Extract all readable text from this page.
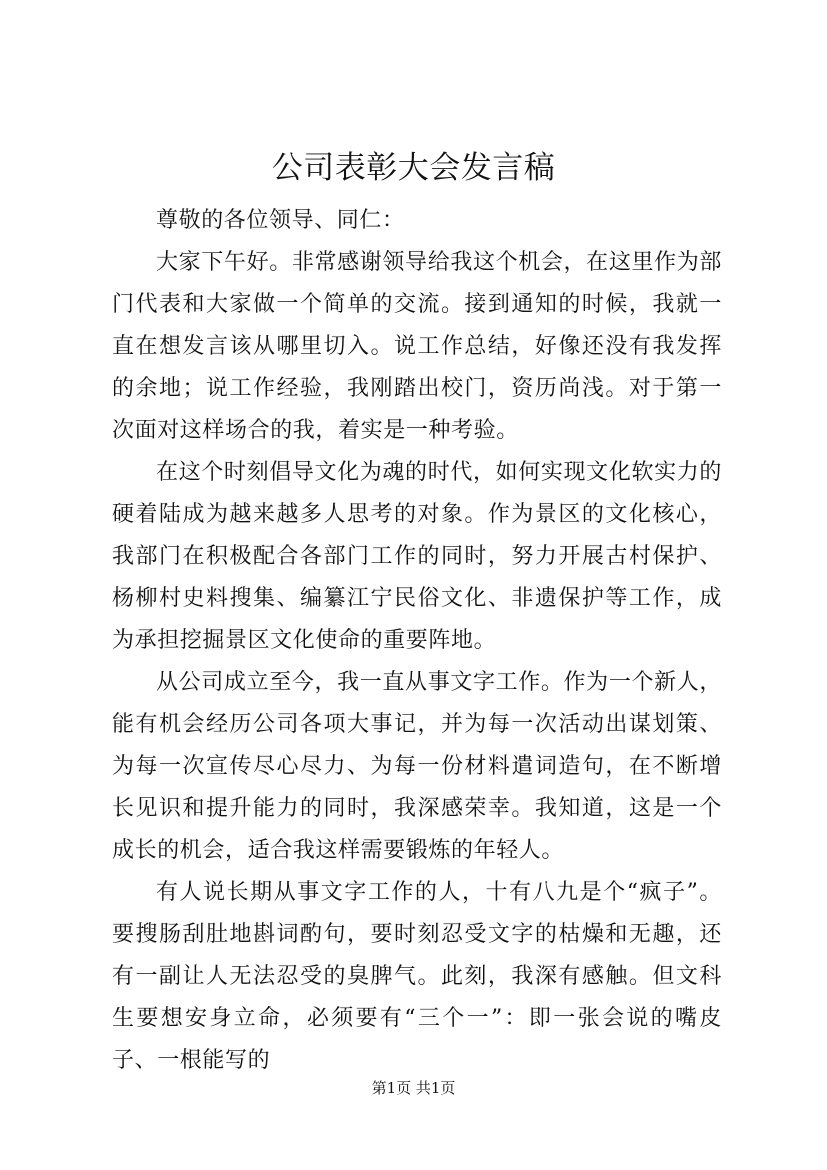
公司表彰大会发言稿

尊敬的各位领导、同仁：

大家下午好。非常感谢领导给我这个机会，在这里作为部门代表和大家做一个简单的交流。接到通知的时候，我就一直在想发言该从哪里切入。说工作总结，好像还没有我发挥的余地；说工作经验，我刚踏出校门，资历尚浅。对于第一次面对这样场合的我，着实是一种考验。

在这个时刻倡导文化为魂的时代，如何实现文化软实力的硬着陆成为越来越多人思考的对象。作为景区的文化核心，我部门在积极配合各部门工作的同时，努力开展古村保护、杨柳村史料搜集、编纂江宁民俗文化、非遗保护等工作，成为承担挖掘景区文化使命的重要阵地。

从公司成立至今，我一直从事文字工作。作为一个新人，能有机会经历公司各项大事记，并为每一次活动出谋划策、为每一次宣传尽心尽力、为每一份材料遣词造句，在不断增长见识和提升能力的同时，我深感荣幸。我知道，这是一个成长的机会，适合我这样需要锻炼的年轻人。

有人说长期从事文字工作的人，十有八九是个“疯子”。要搜肠刮肚地斟词酌句，要时刻忍受文字的枯燥和无趣，还有一副让人无法忍受的臭脾气。此刻，我深有感触。但文科生要想安身立命，必须要有“三个一”：即一张会说的嘴皮子、一根能写的

第1页 共1页
